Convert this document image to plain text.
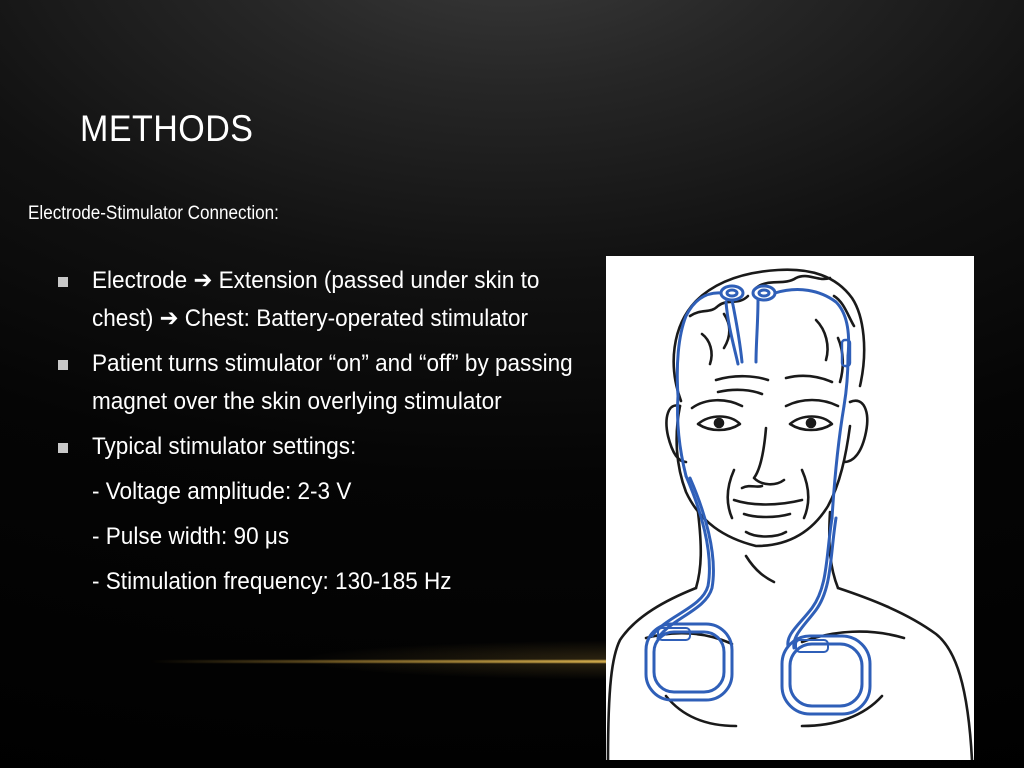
METHODS
Electrode-Stimulator Connection:
Electrode ➔ Extension (passed under skin to chest) ➔ Chest: Battery-operated stimulator
Patient turns stimulator “on” and “off” by passing magnet over the skin overlying stimulator
Typical stimulator settings:
- Voltage amplitude: 2-3 V
- Pulse width: 90 μs
- Stimulation frequency: 130-185 Hz
